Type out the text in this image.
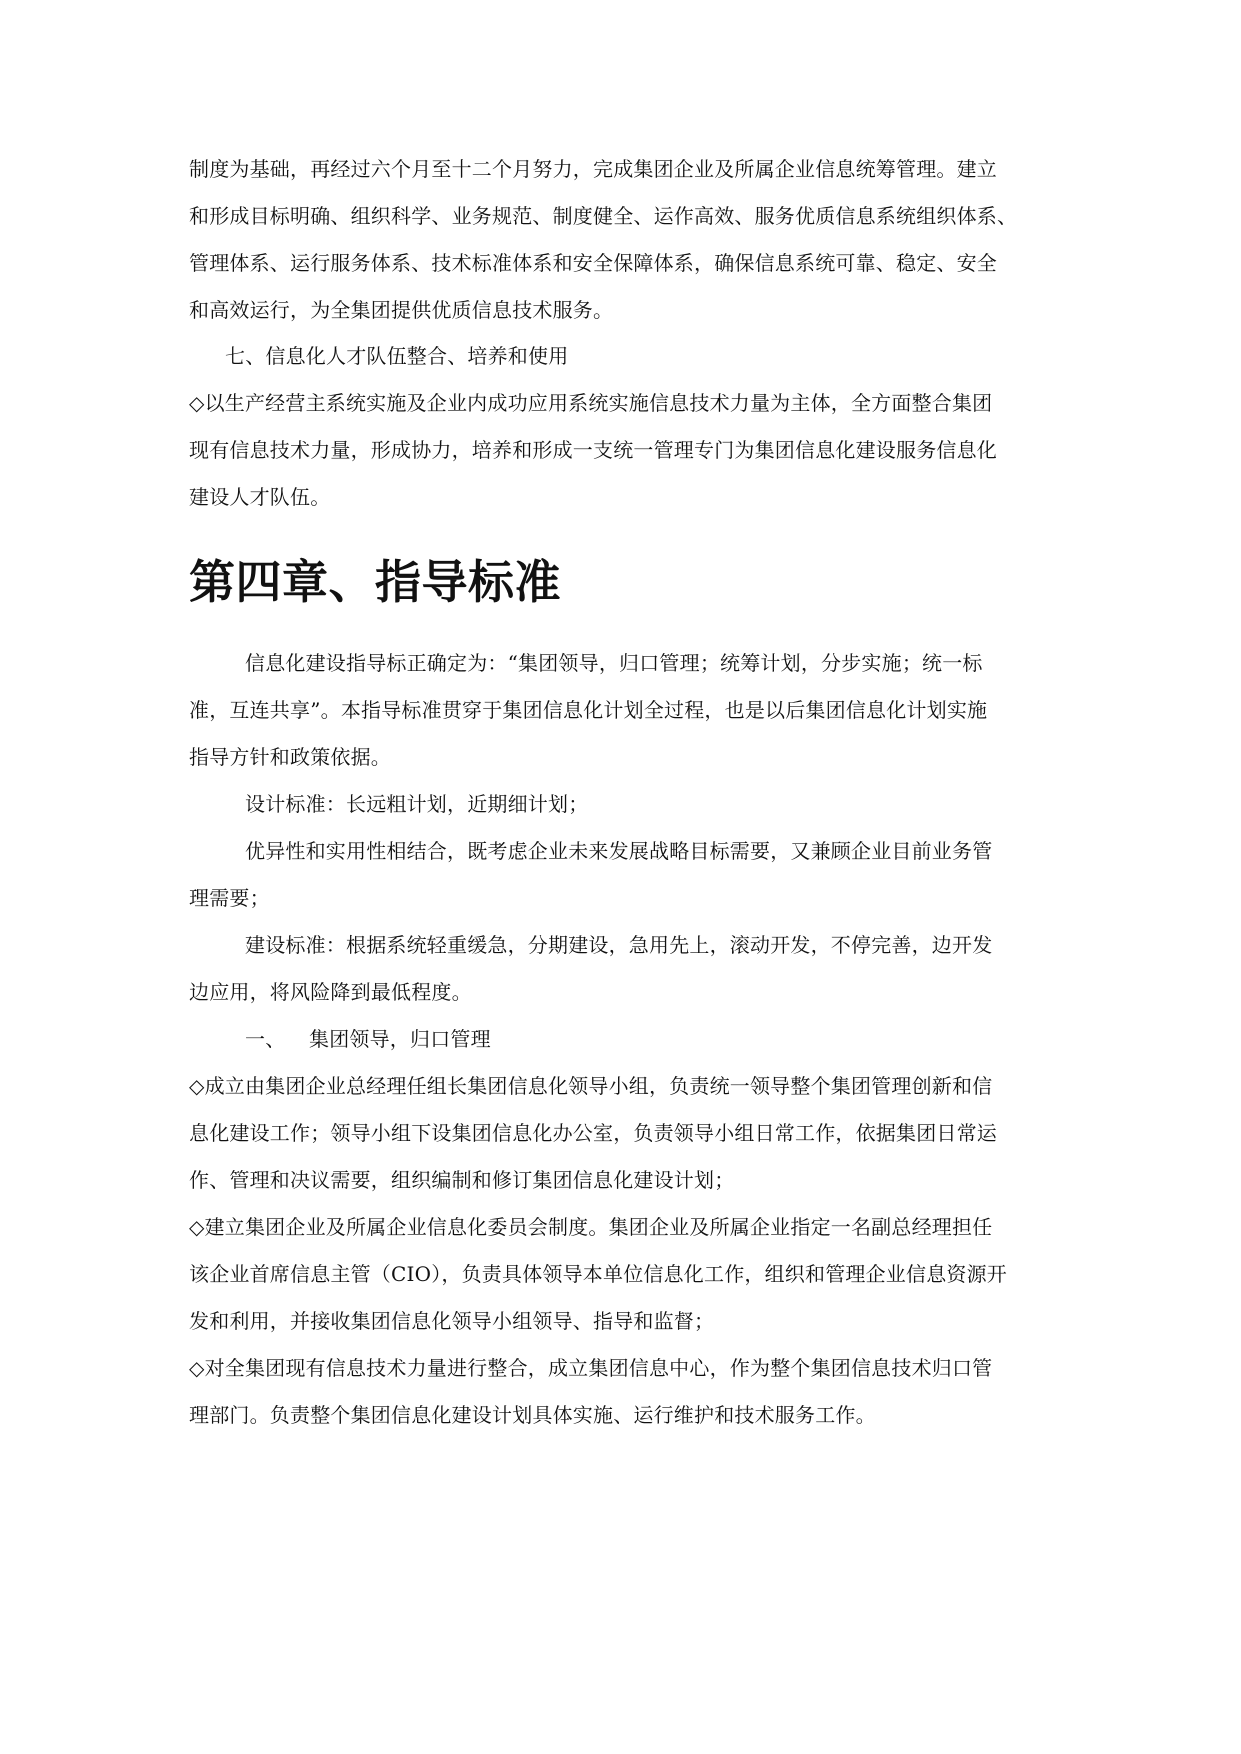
制度为基础，再经过六个月至十二个月努力，完成集团企业及所属企业信息统筹管理。建立
和形成目标明确、组织科学、业务规范、制度健全、运作高效、服务优质信息系统组织体系、
管理体系、运行服务体系、技术标准体系和安全保障体系，确保信息系统可靠、稳定、安全
和高效运行，为全集团提供优质信息技术服务。
七、信息化人才队伍整合、培养和使用
◇以生产经营主系统实施及企业内成功应用系统实施信息技术力量为主体，全方面整合集团
现有信息技术力量，形成协力，培养和形成一支统一管理专门为集团信息化建设服务信息化
建设人才队伍。
第四章、指导标准
信息化建设指导标正确定为：“集团领导，归口管理；统筹计划，分步实施；统一标
准，互连共享”。本指导标准贯穿于集团信息化计划全过程，也是以后集团信息化计划实施
指导方针和政策依据。
设计标准：长远粗计划，近期细计划；
优异性和实用性相结合，既考虑企业未来发展战略目标需要，又兼顾企业目前业务管
理需要；
建设标准：根据系统轻重缓急，分期建设，急用先上，滚动开发，不停完善，边开发
边应用，将风险降到最低程度。
一、 集团领导，归口管理
◇成立由集团企业总经理任组长集团信息化领导小组，负责统一领导整个集团管理创新和信
息化建设工作；领导小组下设集团信息化办公室，负责领导小组日常工作，依据集团日常运
作、管理和决议需要，组织编制和修订集团信息化建设计划；
◇建立集团企业及所属企业信息化委员会制度。集团企业及所属企业指定一名副总经理担任
该企业首席信息主管（CIO），负责具体领导本单位信息化工作，组织和管理企业信息资源开
发和利用，并接收集团信息化领导小组领导、指导和监督；
◇对全集团现有信息技术力量进行整合，成立集团信息中心，作为整个集团信息技术归口管
理部门。负责整个集团信息化建设计划具体实施、运行维护和技术服务工作。
